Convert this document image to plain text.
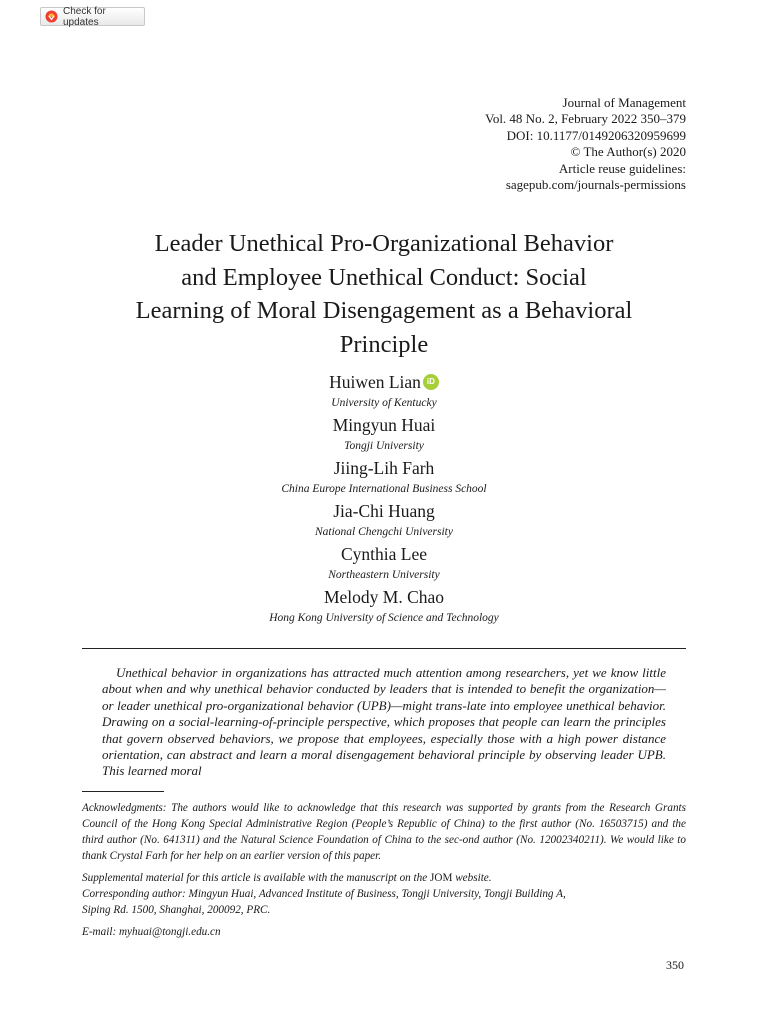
Check for updates
Journal of Management
Vol. 48 No. 2, February 2022 350–379
DOI: 10.1177/0149206320959699
© The Author(s) 2020
Article reuse guidelines:
sagepub.com/journals-permissions
Leader Unethical Pro-Organizational Behavior
and Employee Unethical Conduct: Social
Learning of Moral Disengagement as a Behavioral
Principle
Huiwen Lian iD
University of Kentucky
Mingyun Huai
Tongji University
Jiing-Lih Farh
China Europe International Business School
Jia-Chi Huang
National Chengchi University
Cynthia Lee
Northeastern University
Melody M. Chao
Hong Kong University of Science and Technology

Unethical behavior in organizations has attracted much attention among researchers, yet we know little about when and why unethical behavior conducted by leaders that is intended to benefit the organization—or leader unethical pro-organizational behavior (UPB)—might trans-late into employee unethical behavior. Drawing on a social-learning-of-principle perspective, which proposes that people can learn the principles that govern observed behaviors, we propose that employees, especially those with a high power distance orientation, can abstract and learn a moral disengagement behavioral principle by observing leader UPB. This learned moral

Acknowledgments: The authors would like to acknowledge that this research was supported by grants from the Research Grants Council of the Hong Kong Special Administrative Region (People’s Republic of China) to the first author (No. 16503715) and the third author (No. 641311) and the Natural Science Foundation of China to the sec-ond author (No. 12002340211). We would like to thank Crystal Farh for her help on an earlier version of this paper.

Supplemental material for this article is available with the manuscript on the JOM website.

Corresponding author: Mingyun Huai, Advanced Institute of Business, Tongji University, Tongji Building A,
Siping Rd. 1500, Shanghai, 200092, PRC.

E-mail: myhuai@tongji.edu.cn

350
